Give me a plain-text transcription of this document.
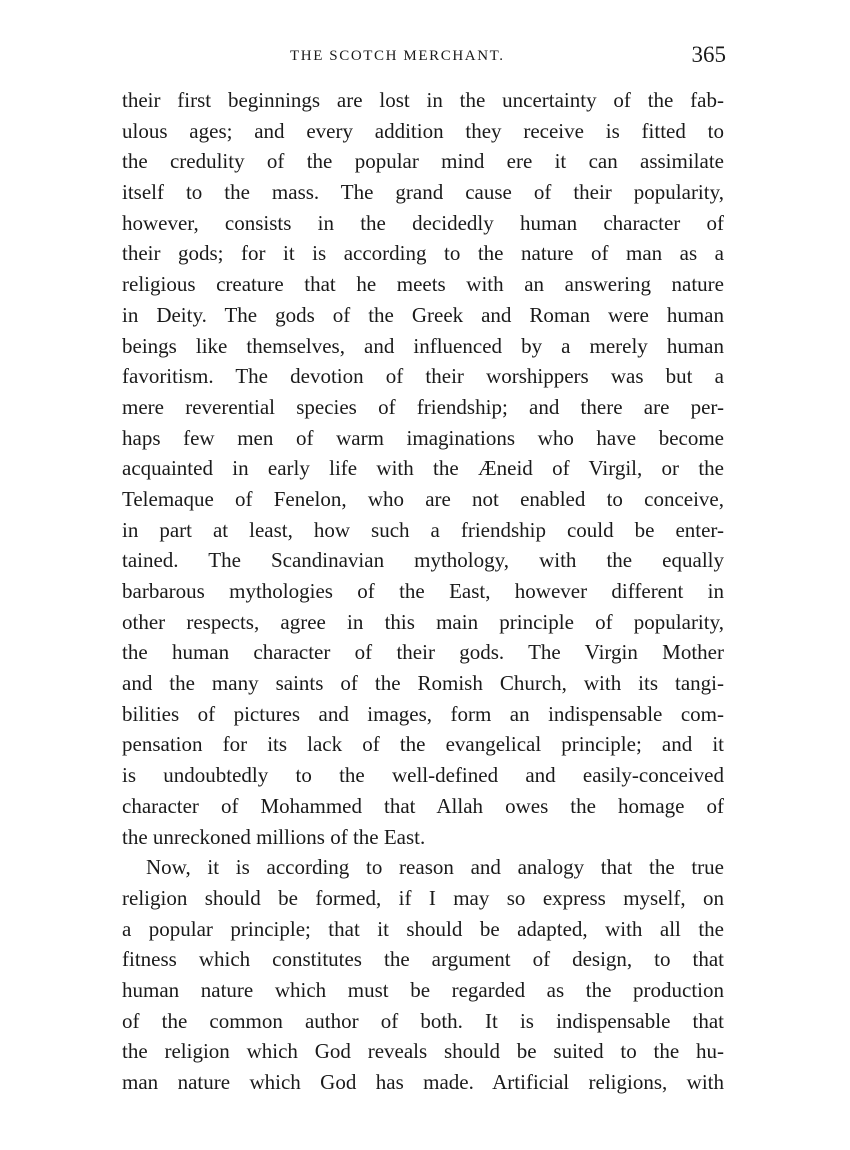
THE SCOTCH MERCHANT.	365
their first beginnings are lost in the uncertainty of the fab-
ulous ages; and every addition they receive is fitted to
the credulity of the popular mind ere it can assimilate
itself to the mass. The grand cause of their popularity,
however, consists in the decidedly human character of
their gods; for it is according to the nature of man as a
religious creature that he meets with an answering nature
in Deity. The gods of the Greek and Roman were human
beings like themselves, and influenced by a merely human
favoritism. The devotion of their worshippers was but a
mere reverential species of friendship; and there are per-
haps few men of warm imaginations who have become
acquainted in early life with the Æneid of Virgil, or the
Telemaque of Fenelon, who are not enabled to conceive,
in part at least, how such a friendship could be enter-
tained. The Scandinavian mythology, with the equally
barbarous mythologies of the East, however different in
other respects, agree in this main principle of popularity,
the human character of their gods. The Virgin Mother
and the many saints of the Romish Church, with its tangi-
bilities of pictures and images, form an indispensable com-
pensation for its lack of the evangelical principle; and it
is undoubtedly to the well-defined and easily-conceived
character of Mohammed that Allah owes the homage of
the unreckoned millions of the East.
Now, it is according to reason and analogy that the true
religion should be formed, if I may so express myself, on
a popular principle; that it should be adapted, with all the
fitness which constitutes the argument of design, to that
human nature which must be regarded as the production
of the common author of both. It is indispensable that
the religion which God reveals should be suited to the hu-
man nature which God has made. Artificial religions, with
